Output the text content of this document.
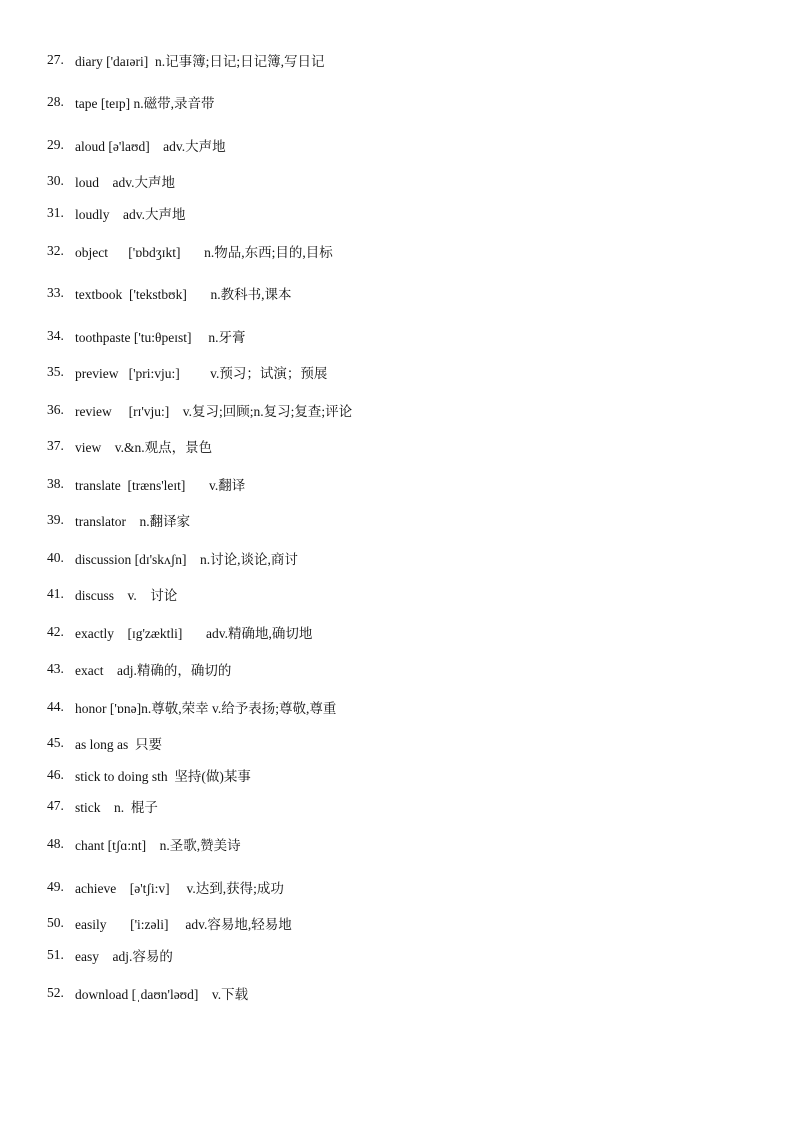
27. diary ['daɪəri]  n.记事簿;日记;日记簿,写日记
28. tape [teɪp] n.磁带,录音带
29. aloud [ə'laʊd]    adv.大声地
30. loud    adv.大声地
31. loudly    adv.大声地
32. object      ['ɒbdʒɪkt]       n.物品,东西;目的,目标
33. textbook  ['tekstbʊk]       n.教科书,课本
34. toothpaste ['tu:θpeɪst]     n.牙膏
35. preview   ['pri:vju:]         v.预习；试演；预展
36. review     [rɪ'vju:]    v.复习;回顾;n.复习;复查;评论
37. view    v.&n.观点，景色
38. translate  [træns'leɪt]       v.翻译
39. translator    n.翻译家
40. discussion [dɪ'skʌʃn]    n.讨论,谈论,商讨
41. discuss    v.    讨论
42. exactly    [ɪg'zæktli]       adv.精确地,确切地
43. exact    adj.精确的，确切的
44. honor ['ɒnə]n.尊敬,荣幸 v.给予表扬;尊敬,尊重
45. as long as  只要
46. stick to doing sth  坚持(做)某事
47. stick    n.  棍子
48. chant [tʃɑ:nt]    n.圣歌,赞美诗
49. achieve    [ə'tʃi:v]     v.达到,获得;成功
50. easily       ['i:zəli]     adv.容易地,轻易地
51. easy    adj.容易的
52. download [ˌdaʊn'ləʊd]    v.下载
